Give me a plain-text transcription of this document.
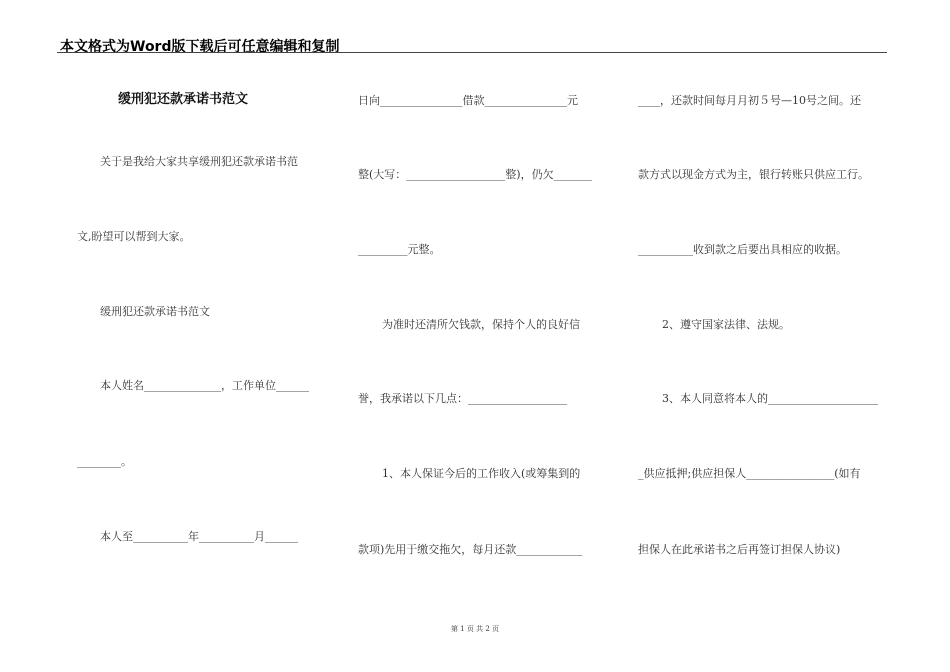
本文格式为Word版下载后可任意编辑和复制
缓刑犯还款承诺书范文
关于是我给大家共享缓刑犯还款承诺书范
文,盼望可以帮到大家。
缓刑犯还款承诺书范文
本人姓名______________，工作单位______
________。
本人至__________年__________月______
日向_______________借款_______________元
整(大写：__________________整)，仍欠_______
_________元整。
为准时还清所欠钱款，保持个人的良好信
誉，我承诺以下几点：__________________
1、本人保证今后的工作收入(或筹集到的
款项)先用于缴交拖欠，每月还款____________
____，还款时间每月月初５号—10号之间。还
款方式以现金方式为主，银行转账只供应工行。
__________收到款之后要出具相应的收据。
2、遵守国家法律、法规。
3、本人同意将本人的____________________
_供应抵押;供应担保人________________(如有
担保人在此承诺书之后再签订担保人协议)
第 1 页 共 2 页
